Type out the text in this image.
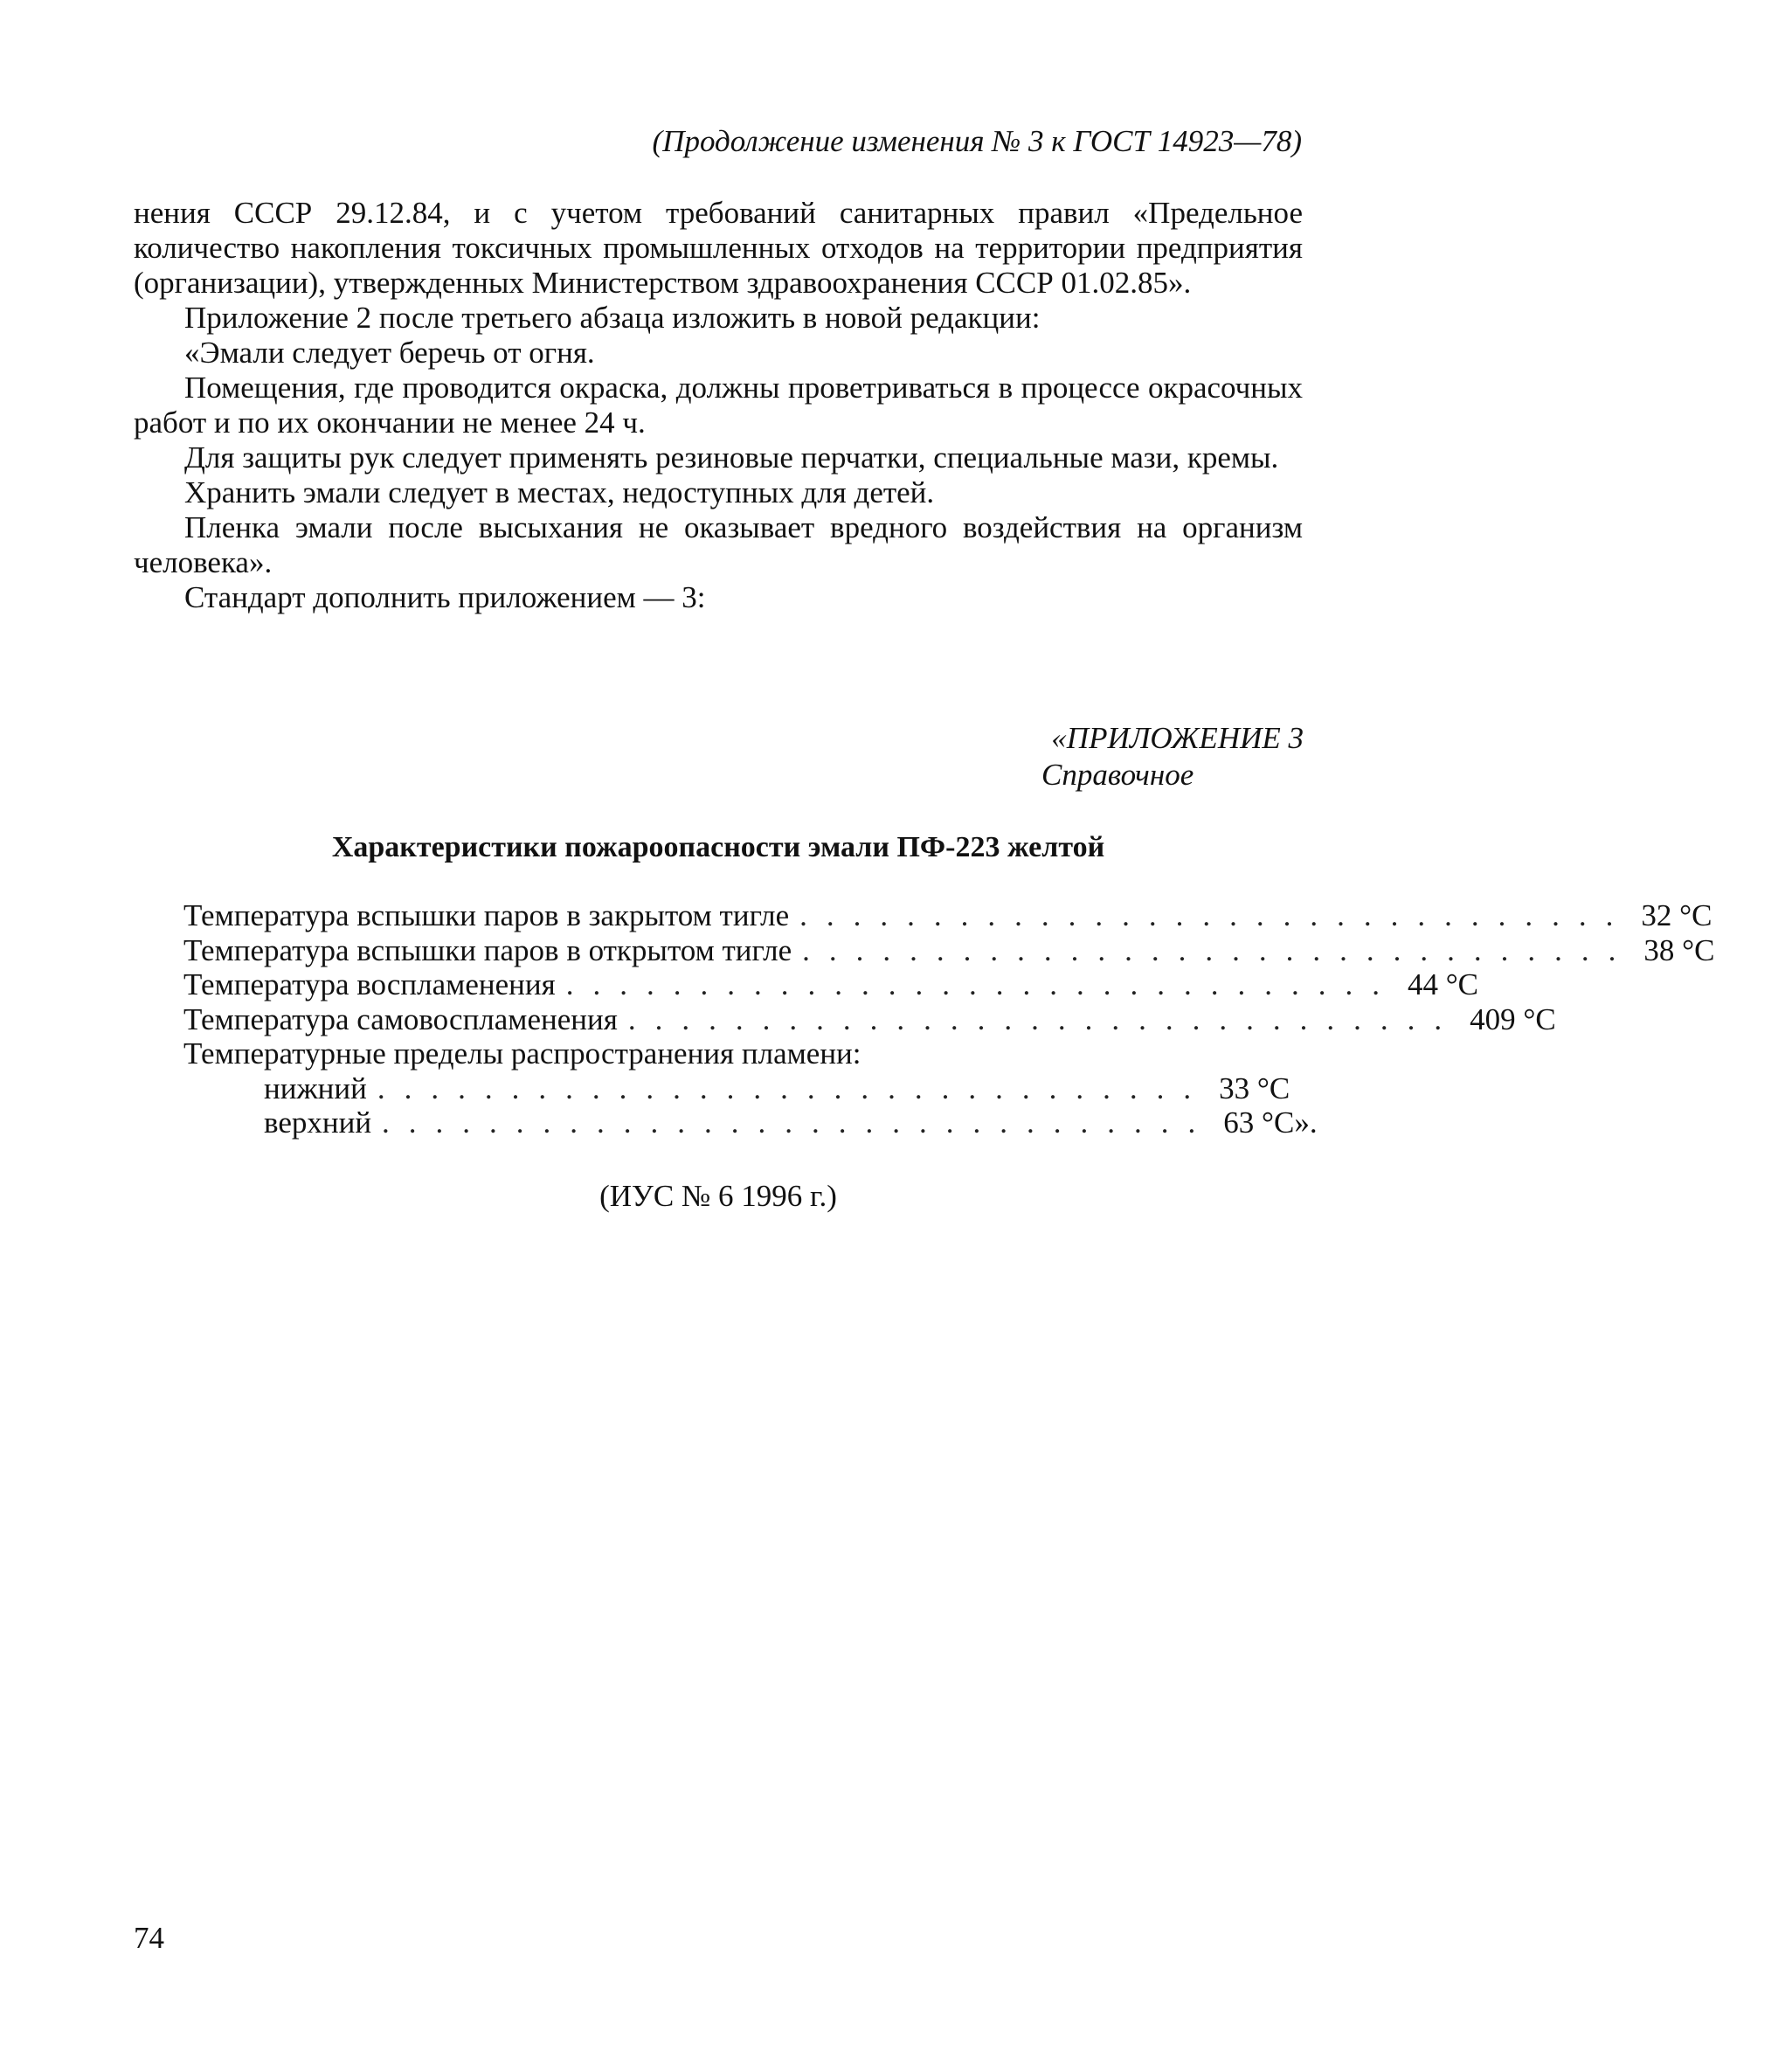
(Продолжение изменения № 3 к ГОСТ 14923—78)

нения СССР 29.12.84, и с учетом требований санитарных правил «Предельное количество накопления токсичных промышленных отходов на территории предприятия (организации), утвержденных Министерством здравоохранения СССР 01.02.85».

Приложение 2 после третьего абзаца изложить в новой редакции:

«Эмали следует беречь от огня.

Помещения, где проводится окраска, должны проветриваться в процессе окрасочных работ и по их окончании не менее 24 ч.

Для защиты рук следует применять резиновые перчатки, специальные мази, кремы.

Хранить эмали следует в местах, недоступных для детей.

Пленка эмали после высыхания не оказывает вредного воздействия на организм человека».

Стандарт дополнить приложением — 3:

«ПРИЛОЖЕНИЕ 3
Справочное
Характеристики пожароопасности эмали ПФ-223 желтой
Температура вспышки паров в закрытом тигле ............................... 32 °C
Температура вспышки паров в открытом тигле ............................... 38 °C
Температура воспламенения ............................... 44 °C
Температура самовоспламенения ............................... 409 °C
Температурные пределы распространения пламени:
нижний ............................... 33 °C
верхний ............................... 63 °C».
(ИУС № 6 1996 г.)
74
